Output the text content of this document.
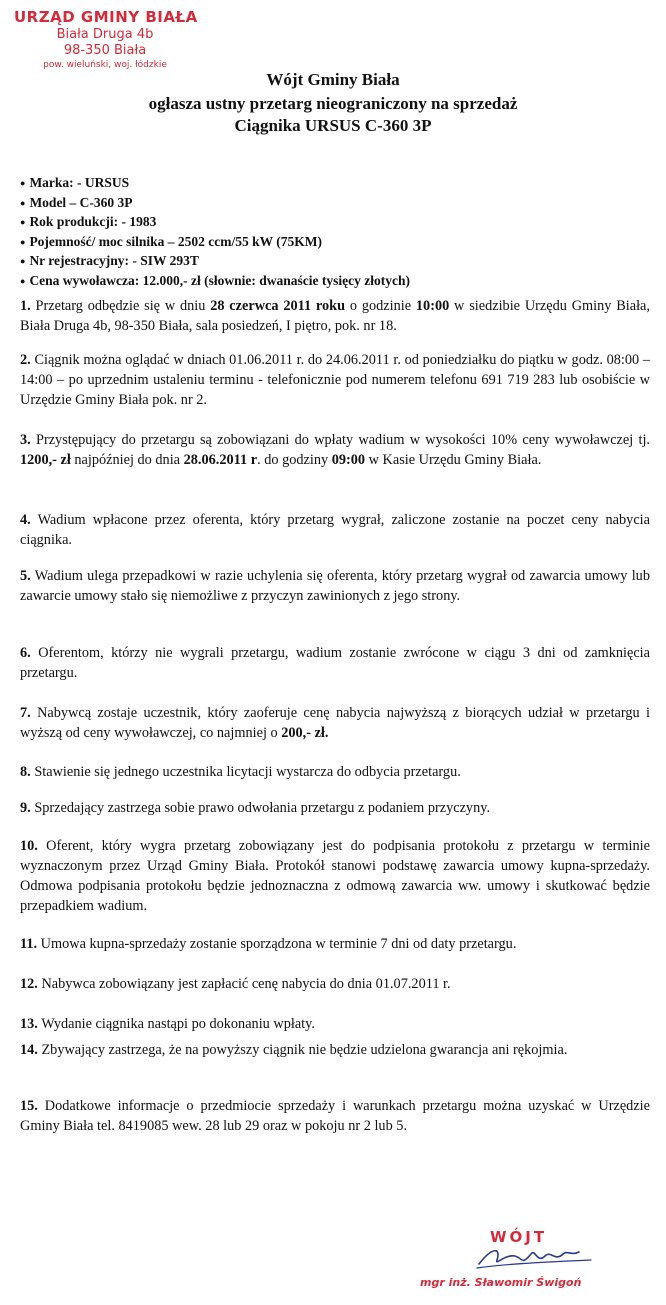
URZĄD GMINY BIAŁA
Biała Druga 4b
98-350 Biała
pow. wieluński, woj. łódzkie
Wójt Gminy Biała
ogłasza ustny przetarg nieograniczony na sprzedaż
Ciągnika URSUS C-360 3P
● Marka: - URSUS
● Model – C-360 3P
● Rok produkcji: - 1983
● Pojemność/ moc silnika – 2502 ccm/55 kW (75KM)
● Nr rejestracyjny: - SIW 293T
● Cena wywoławcza: 12.000,- zł (słownie: dwanaście tysięcy złotych)

1. Przetarg odbędzie się w dniu 28 czerwca 2011 roku o godzinie 10:00 w siedzibie Urzędu Gminy Biała, Biała Druga 4b, 98-350 Biała, sala posiedzeń, I piętro, pok. nr 18.

2. Ciągnik można oglądać w dniach 01.06.2011 r. do 24.06.2011 r. od poniedziałku do piątku w godz. 08:00 – 14:00 – po uprzednim ustaleniu terminu - telefonicznie pod numerem telefonu 691 719 283 lub osobiście w Urzędzie Gminy Biała pok. nr 2.

3. Przystępujący do przetargu są zobowiązani do wpłaty wadium w wysokości 10% ceny wywoławczej tj. 1200,- zł najpóźniej do dnia 28.06.2011 r. do godziny 09:00 w Kasie Urzędu Gminy Biała.

4. Wadium wpłacone przez oferenta, który przetarg wygrał, zaliczone zostanie na poczet ceny nabycia ciągnika.

5. Wadium ulega przepadkowi w razie uchylenia się oferenta, który przetarg wygrał od zawarcia umowy lub zawarcie umowy stało się niemożliwe z przyczyn zawinionych z jego strony.

6. Oferentom, którzy nie wygrali przetargu, wadium zostanie zwrócone w ciągu 3 dni od zamknięcia przetargu.

7. Nabywcą zostaje uczestnik, który zaoferuje cenę nabycia najwyższą z biorących udział w przetargu i wyższą od ceny wywoławczej, co najmniej o 200,- zł.

8. Stawienie się jednego uczestnika licytacji wystarcza do odbycia przetargu.

9. Sprzedający zastrzega sobie prawo odwołania przetargu z podaniem przyczyny.

10. Oferent, który wygra przetarg zobowiązany jest do podpisania protokołu z przetargu w terminie wyznaczonym przez Urząd Gminy Biała. Protokół stanowi podstawę zawarcia umowy kupna-sprzedaży. Odmowa podpisania protokołu będzie jednoznaczna z odmową zawarcia ww. umowy i skutkować będzie przepadkiem wadium.

11. Umowa kupna-sprzedaży zostanie sporządzona w terminie 7 dni od daty przetargu.

12. Nabywca zobowiązany jest zapłacić cenę nabycia do dnia 01.07.2011 r.

13. Wydanie ciągnika nastąpi po dokonaniu wpłaty.

14. Zbywający zastrzega, że na powyższy ciągnik nie będzie udzielona gwarancja ani rękojmia.

15. Dodatkowe informacje o przedmiocie sprzedaży i warunkach przetargu można uzyskać w Urzędzie Gminy Biała tel. 8419085 wew. 28 lub 29 oraz w pokoju nr 2 lub 5.

WÓJT
mgr inż. Sławomir Świgoń
